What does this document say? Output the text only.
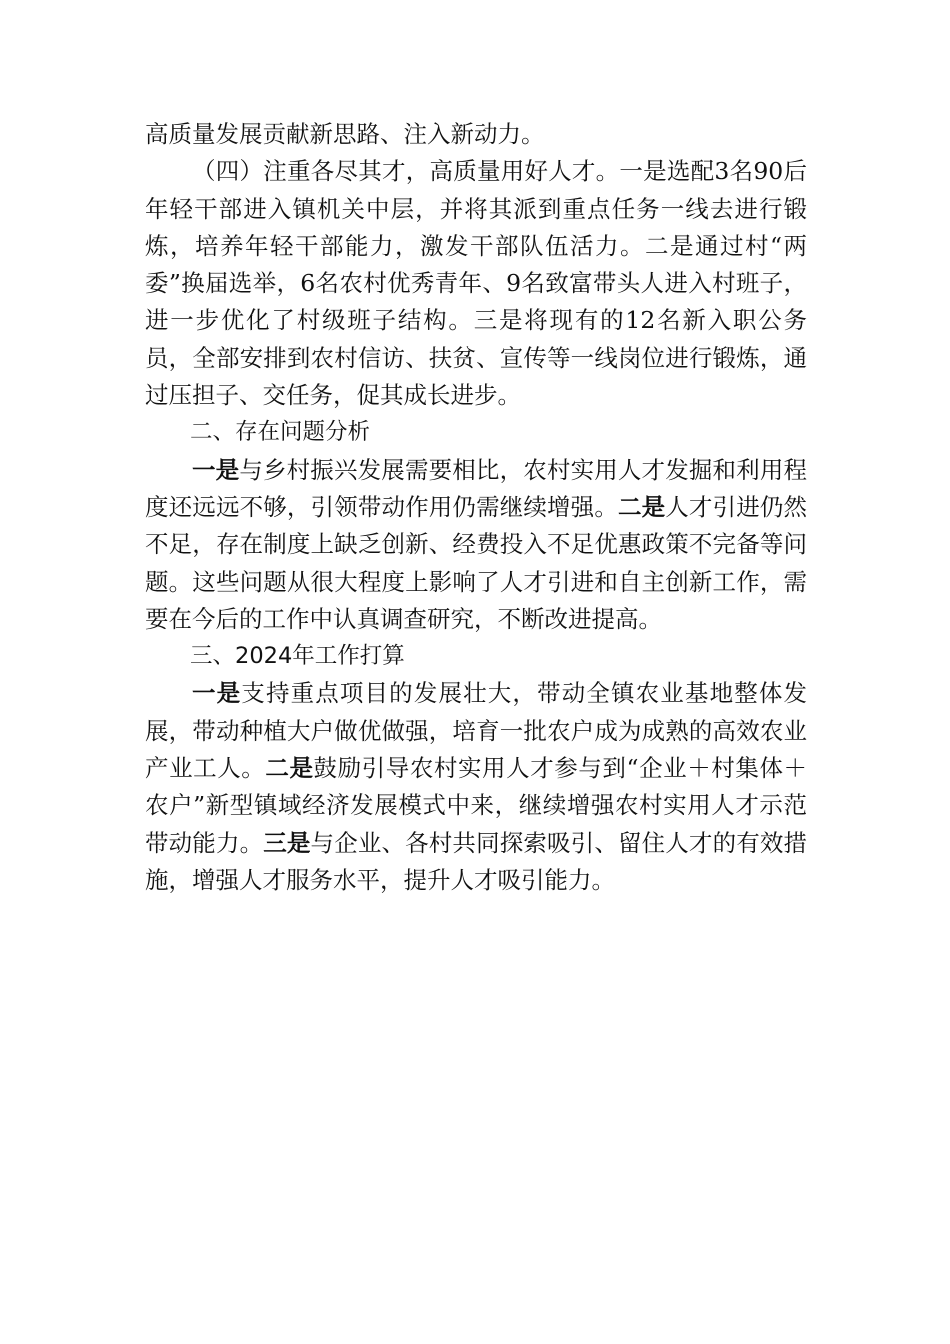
高质量发展贡献新思路、注入新动力。

（四）注重各尽其才，高质量用好人才。一是选配3名90后年轻干部进入镇机关中层，并将其派到重点任务一线去进行锻炼，培养年轻干部能力，激发干部队伍活力。二是通过村“两委”换届选举，6名农村优秀青年、9名致富带头人进入村班子，进一步优化了村级班子结构。三是将现有的12名新入职公务员，全部安排到农村信访、扶贫、宣传等一线岗位进行锻炼，通过压担子、交任务，促其成长进步。

二、存在问题分析

一是与乡村振兴发展需要相比，农村实用人才发掘和利用程度还远远不够，引领带动作用仍需继续增强。二是人才引进仍然不足，存在制度上缺乏创新、经费投入不足优惠政策不完备等问题。这些问题从很大程度上影响了人才引进和自主创新工作，需要在今后的工作中认真调查研究，不断改进提高。

三、2024年工作打算

一是支持重点项目的发展壮大，带动全镇农业基地整体发展，带动种植大户做优做强，培育一批农户成为成熟的高效农业产业工人。二是鼓励引导农村实用人才参与到“企业＋村集体＋农户”新型镇域经济发展模式中来，继续增强农村实用人才示范带动能力。三是与企业、各村共同探索吸引、留住人才的有效措施，增强人才服务水平，提升人才吸引能力。
